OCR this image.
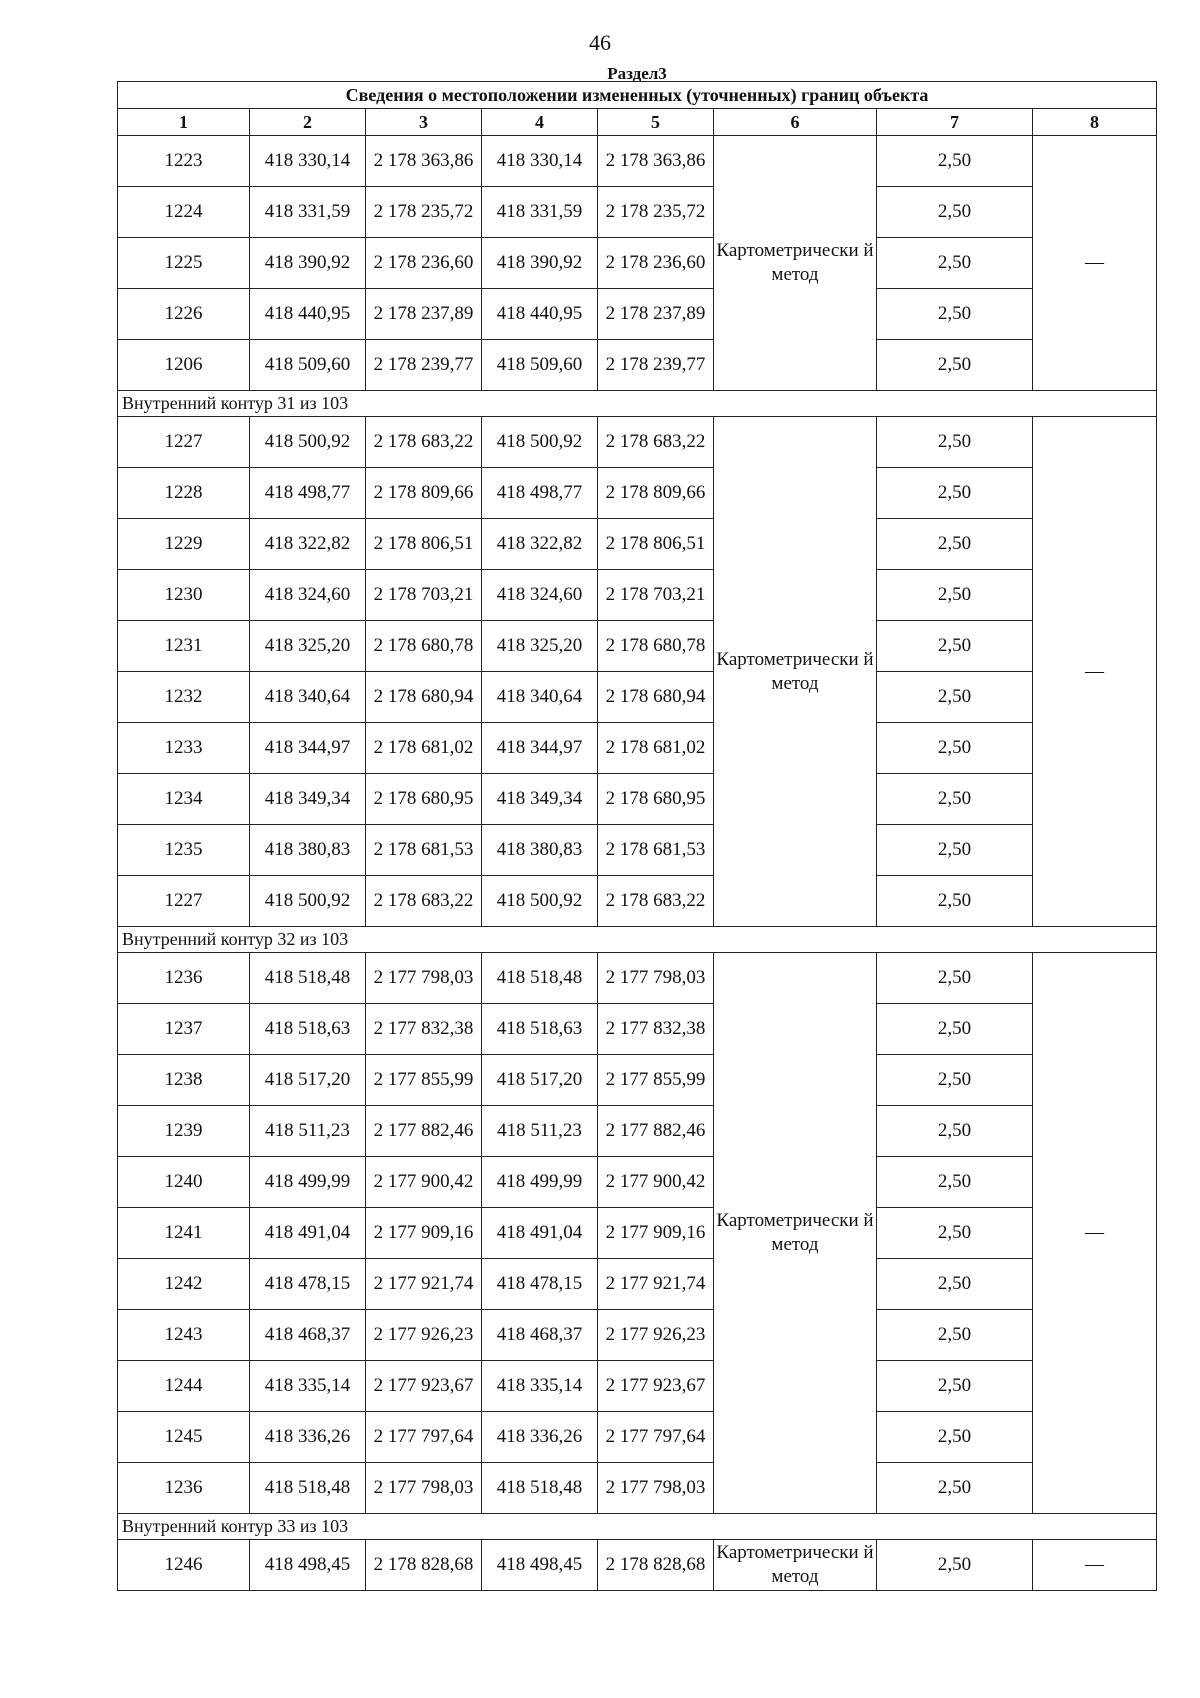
46
Раздел3
Сведения о местоположении измененных (уточненных) границ объекта							

1	2	3	4	5	6	7	8
1223	418 330,14	2 178 363,86	418 330,14	2 178 363,86	Картометрически й метод	2,50	—
1224	418 331,59	2 178 235,72	418 331,59	2 178 235,72		2,50	
1225	418 390,92	2 178 236,60	418 390,92	2 178 236,60		2,50	
1226	418 440,95	2 178 237,89	418 440,95	2 178 237,89		2,50	
1206	418 509,60	2 178 239,77	418 509,60	2 178 239,77		2,50	
Внутренний контур 31 из 103							
1227	418 500,92	2 178 683,22	418 500,92	2 178 683,22	Картометрически й метод	2,50	—
1228	418 498,77	2 178 809,66	418 498,77	2 178 809,66		2,50	
1229	418 322,82	2 178 806,51	418 322,82	2 178 806,51		2,50	
1230	418 324,60	2 178 703,21	418 324,60	2 178 703,21		2,50	
1231	418 325,20	2 178 680,78	418 325,20	2 178 680,78		2,50	
1232	418 340,64	2 178 680,94	418 340,64	2 178 680,94		2,50	
1233	418 344,97	2 178 681,02	418 344,97	2 178 681,02		2,50	
1234	418 349,34	2 178 680,95	418 349,34	2 178 680,95		2,50	
1235	418 380,83	2 178 681,53	418 380,83	2 178 681,53		2,50	
1227	418 500,92	2 178 683,22	418 500,92	2 178 683,22		2,50	
Внутренний контур 32 из 103							
1236	418 518,48	2 177 798,03	418 518,48	2 177 798,03	Картометрически й метод	2,50	—
1237	418 518,63	2 177 832,38	418 518,63	2 177 832,38		2,50	
1238	418 517,20	2 177 855,99	418 517,20	2 177 855,99		2,50	
1239	418 511,23	2 177 882,46	418 511,23	2 177 882,46		2,50	
1240	418 499,99	2 177 900,42	418 499,99	2 177 900,42		2,50	
1241	418 491,04	2 177 909,16	418 491,04	2 177 909,16		2,50	
1242	418 478,15	2 177 921,74	418 478,15	2 177 921,74		2,50	
1243	418 468,37	2 177 926,23	418 468,37	2 177 926,23		2,50	
1244	418 335,14	2 177 923,67	418 335,14	2 177 923,67		2,50	
1245	418 336,26	2 177 797,64	418 336,26	2 177 797,64		2,50	
1236	418 518,48	2 177 798,03	418 518,48	2 177 798,03		2,50	
Внутренний контур 33 из 103							
1246	418 498,45	2 178 828,68	418 498,45	2 178 828,68	Картометрически й метод	2,50	—
